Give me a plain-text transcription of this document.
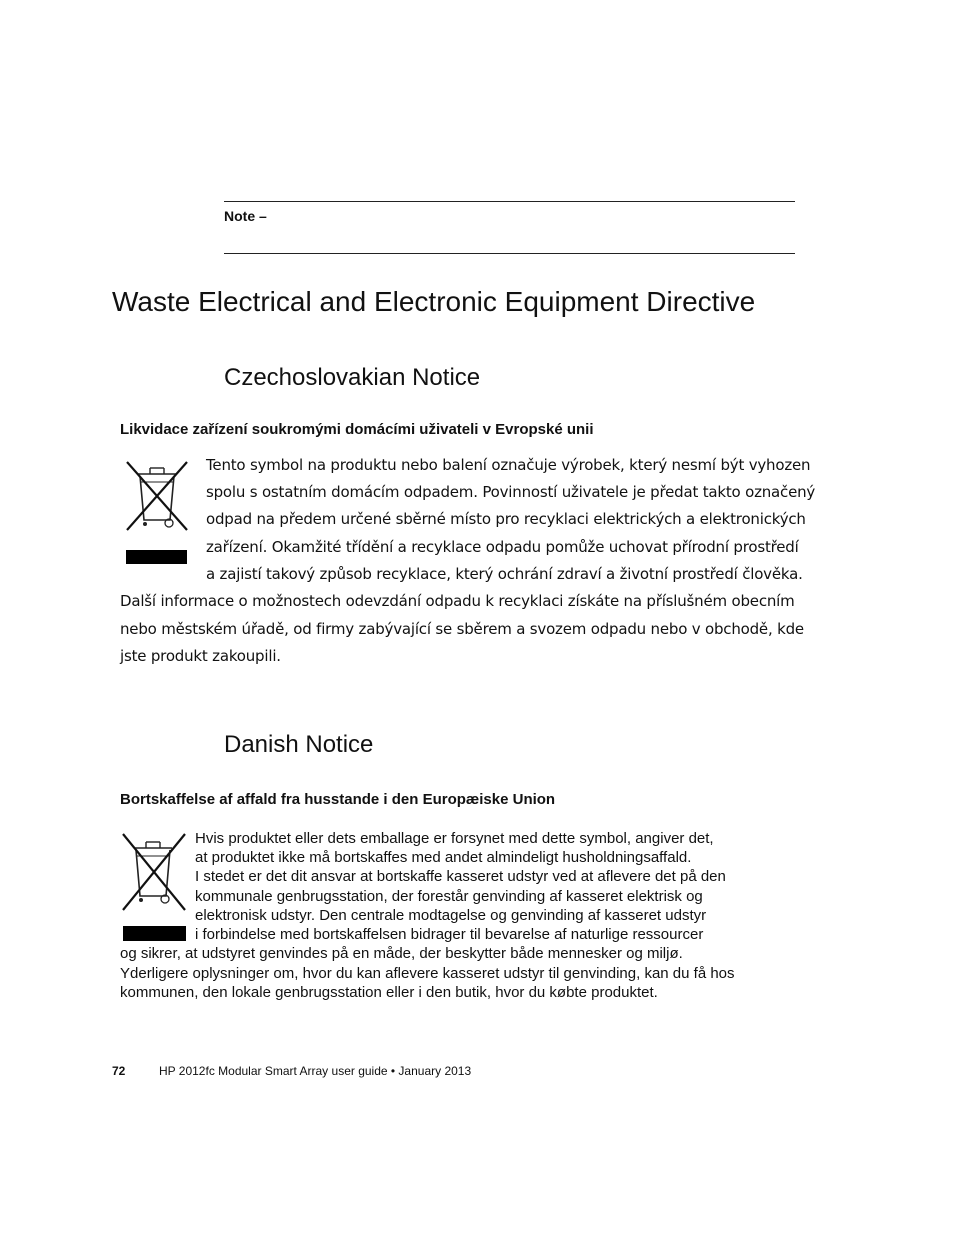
Note –
Waste Electrical and Electronic Equipment Directive
Czechoslovakian Notice
Likvidace zařízení soukromými domácími uživateli v Evropské unii
Tento symbol na produktu nebo balení označuje výrobek, který nesmí být vyhozen
spolu s ostatním domácím odpadem. Povinností uživatele je předat takto označený
odpad na předem určené sběrné místo pro recyklaci elektrických a elektronických
zařízení. Okamžité třídění a recyklace odpadu pomůže uchovat přírodní prostředí
a zajistí takový způsob recyklace, který ochrání zdraví a životní prostředí člověka.
Další informace o možnostech odevzdání odpadu k recyklaci získáte na příslušném obecním
nebo městském úřadě, od firmy zabývající se sběrem a svozem odpadu nebo v obchodě, kde
jste produkt zakoupili.
Danish Notice
Bortskaffelse af affald fra husstande i den Europæiske Union
Hvis produktet eller dets emballage er forsynet med dette symbol, angiver det,
at produktet ikke må bortskaffes med andet almindeligt husholdningsaffald.
I stedet er det dit ansvar at bortskaffe kasseret udstyr ved at aflevere det på den
kommunale genbrugsstation, der forestår genvinding af kasseret elektrisk og
elektronisk udstyr. Den centrale modtagelse og genvinding af kasseret udstyr
i forbindelse med bortskaffelsen bidrager til bevarelse af naturlige ressourcer
og sikrer, at udstyret genvindes på en måde, der beskytter både mennesker og miljø.
Yderligere oplysninger om, hvor du kan aflevere kasseret udstyr til genvinding, kan du få hos
kommunen, den lokale genbrugsstation eller i den butik, hvor du købte produktet.
72	HP 2012fc Modular Smart Array user guide • January 2013
